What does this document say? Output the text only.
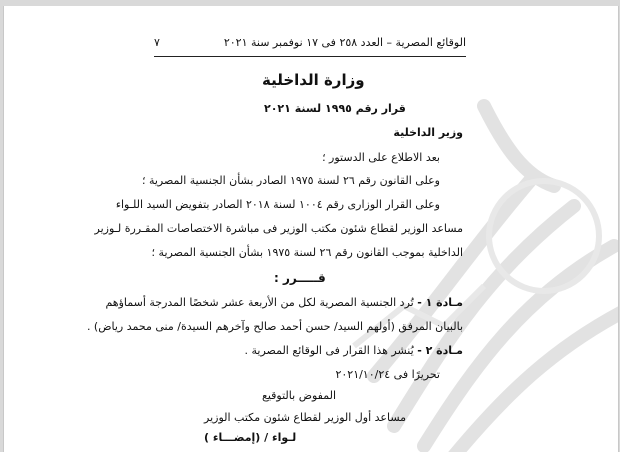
الوقائع المصرية – العدد ٢٥٨ فى ١٧ نوفمبر سنة ٢٠٢١
٧
وزارة الداخلية
قرار رقم ١٩٩٥ لسنة ٢٠٢١
وزير الداخلية
بعد الاطلاع على الدستور ؛
وعلى القانون رقم ٢٦ لسنة ١٩٧٥ الصادر بشأن الجنسية المصرية ؛
وعلى القرار الوزارى رقم ١٠٠٤ لسنة ٢٠١٨ الصادر بتفويض السيد اللـواء
مساعد الوزير لقطاع شئون مكتب الوزير فى مباشرة الاختصاصات المقـررة لـوزير
الداخلية بموجب القانون رقم ٢٦ لسنة ١٩٧٥ بشأن الجنسية المصرية ؛
قـــــرر :
مـادة ١ - تُرد الجنسية المصرية لكل من الأربعة عشر شخصًا المدرجة أسماؤهم
بالبيان المرفق (أولهم السيد/ حسن أحمد صالح وآخرهم السيدة/ منى محمد رياض) .
مـادة ٢ - يُنشر هذا القرار فى الوقائع المصرية .
تحريرًا فى ٢٠٢١/١٠/٢٤
المفوض بالتوقيع
مساعد أول الوزير لقطاع شئون مكتب الوزير
لـواء / (إمضـــاء )
